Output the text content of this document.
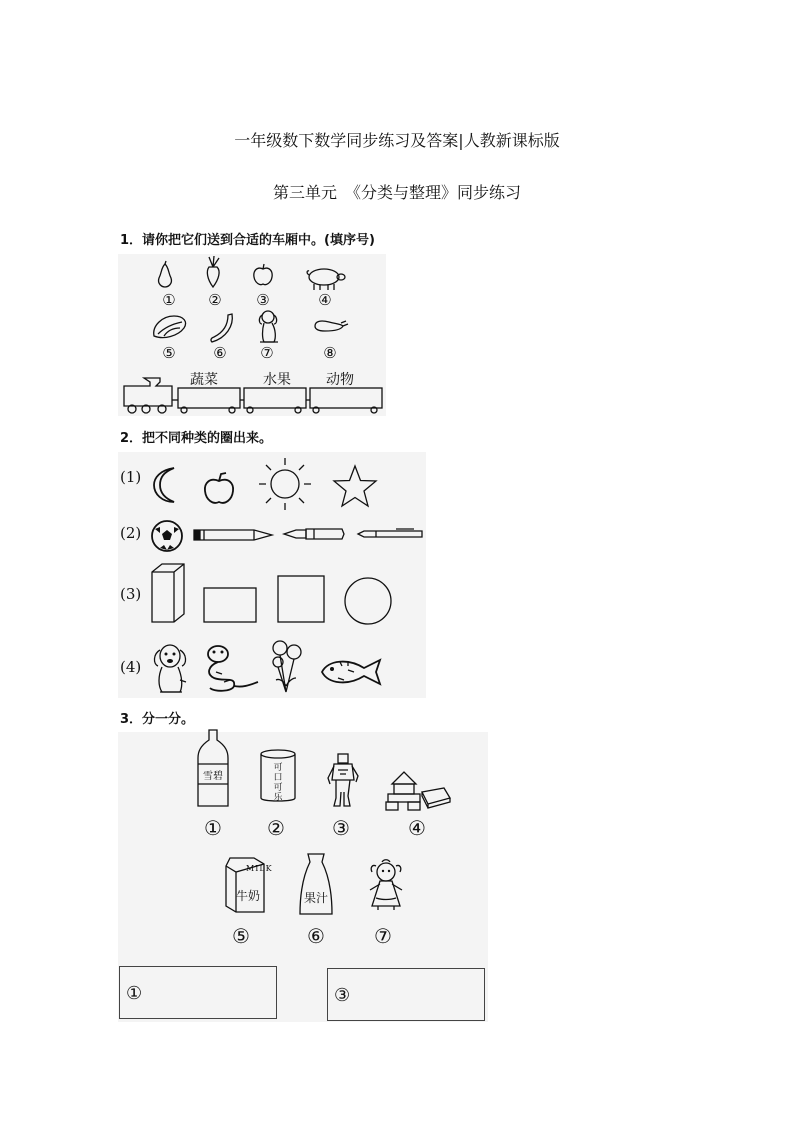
一年级数下数学同步练习及答案|人教新课标版
第三单元　《分类与整理》同步练习
1．请你把它们送到合适的车厢中。(填序号)
①	②	③	④
⑤	⑥	⑦	⑧
蔬菜	水果	动物
2．把不同种类的圈出来。
(1)
(2)
(3)
(4)
3．分一分。
雪碧
可口可乐
① ② ③	④
MILK
牛奶	果汁
⑤	⑥ ⑦
①	③
